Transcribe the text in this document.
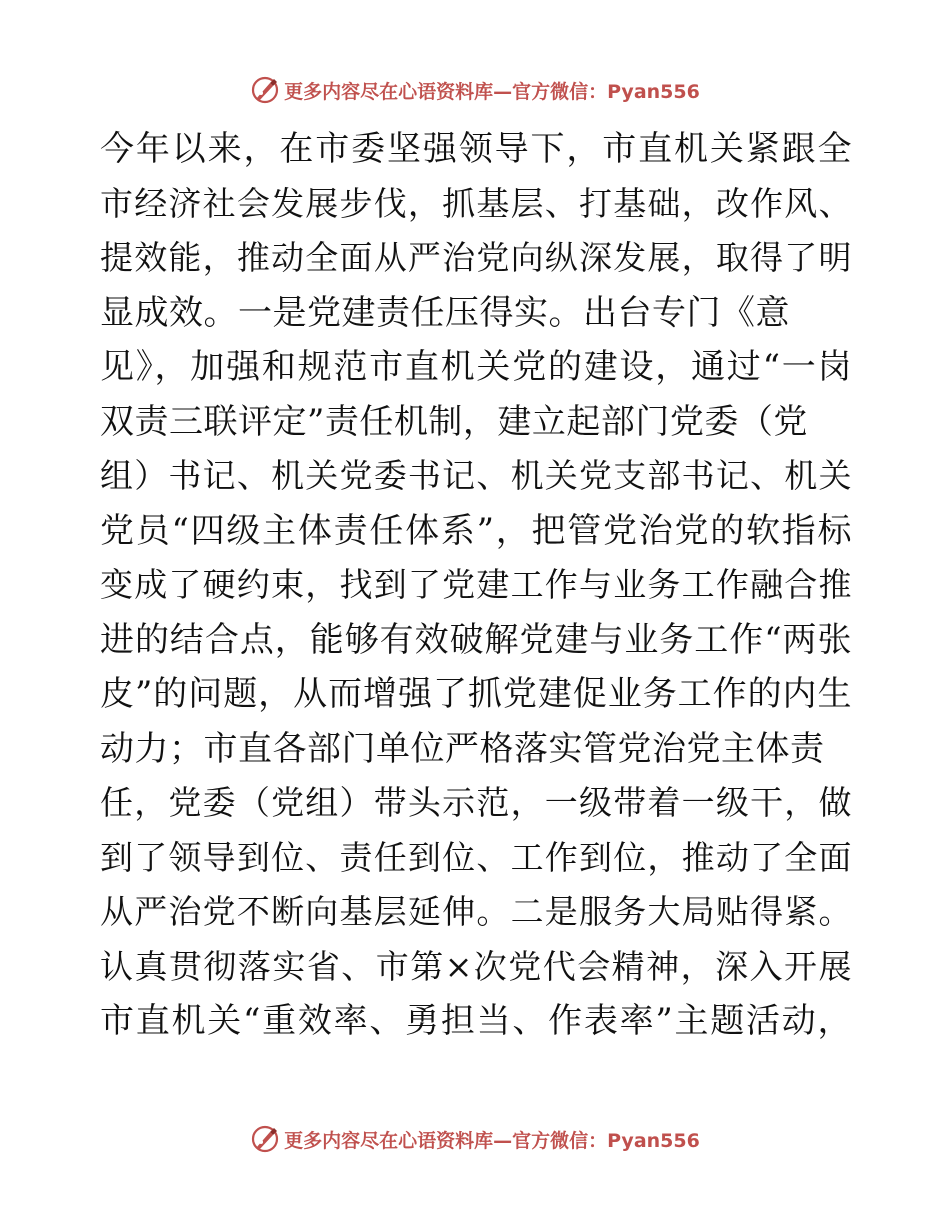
更多内容尽在心语资料库—官方微信：Pyan556
今年以来，在市委坚强领导下，市直机关紧跟全
市经济社会发展步伐，抓基层、打基础，改作风、
提效能，推动全面从严治党向纵深发展，取得了明
显成效。一是党建责任压得实。出台专门《意
见》，加强和规范市直机关党的建设，通过“一岗
双责三联评定”责任机制，建立起部门党委（党
组）书记、机关党委书记、机关党支部书记、机关
党员“四级主体责任体系”，把管党治党的软指标
变成了硬约束，找到了党建工作与业务工作融合推
进的结合点，能够有效破解党建与业务工作“两张
皮”的问题，从而增强了抓党建促业务工作的内生
动力；市直各部门单位严格落实管党治党主体责
任，党委（党组）带头示范，一级带着一级干，做
到了领导到位、责任到位、工作到位，推动了全面
从严治党不断向基层延伸。二是服务大局贴得紧。
认真贯彻落实省、市第×次党代会精神，深入开展
市直机关“重效率、勇担当、作表率”主题活动，
更多内容尽在心语资料库—官方微信：Pyan556
